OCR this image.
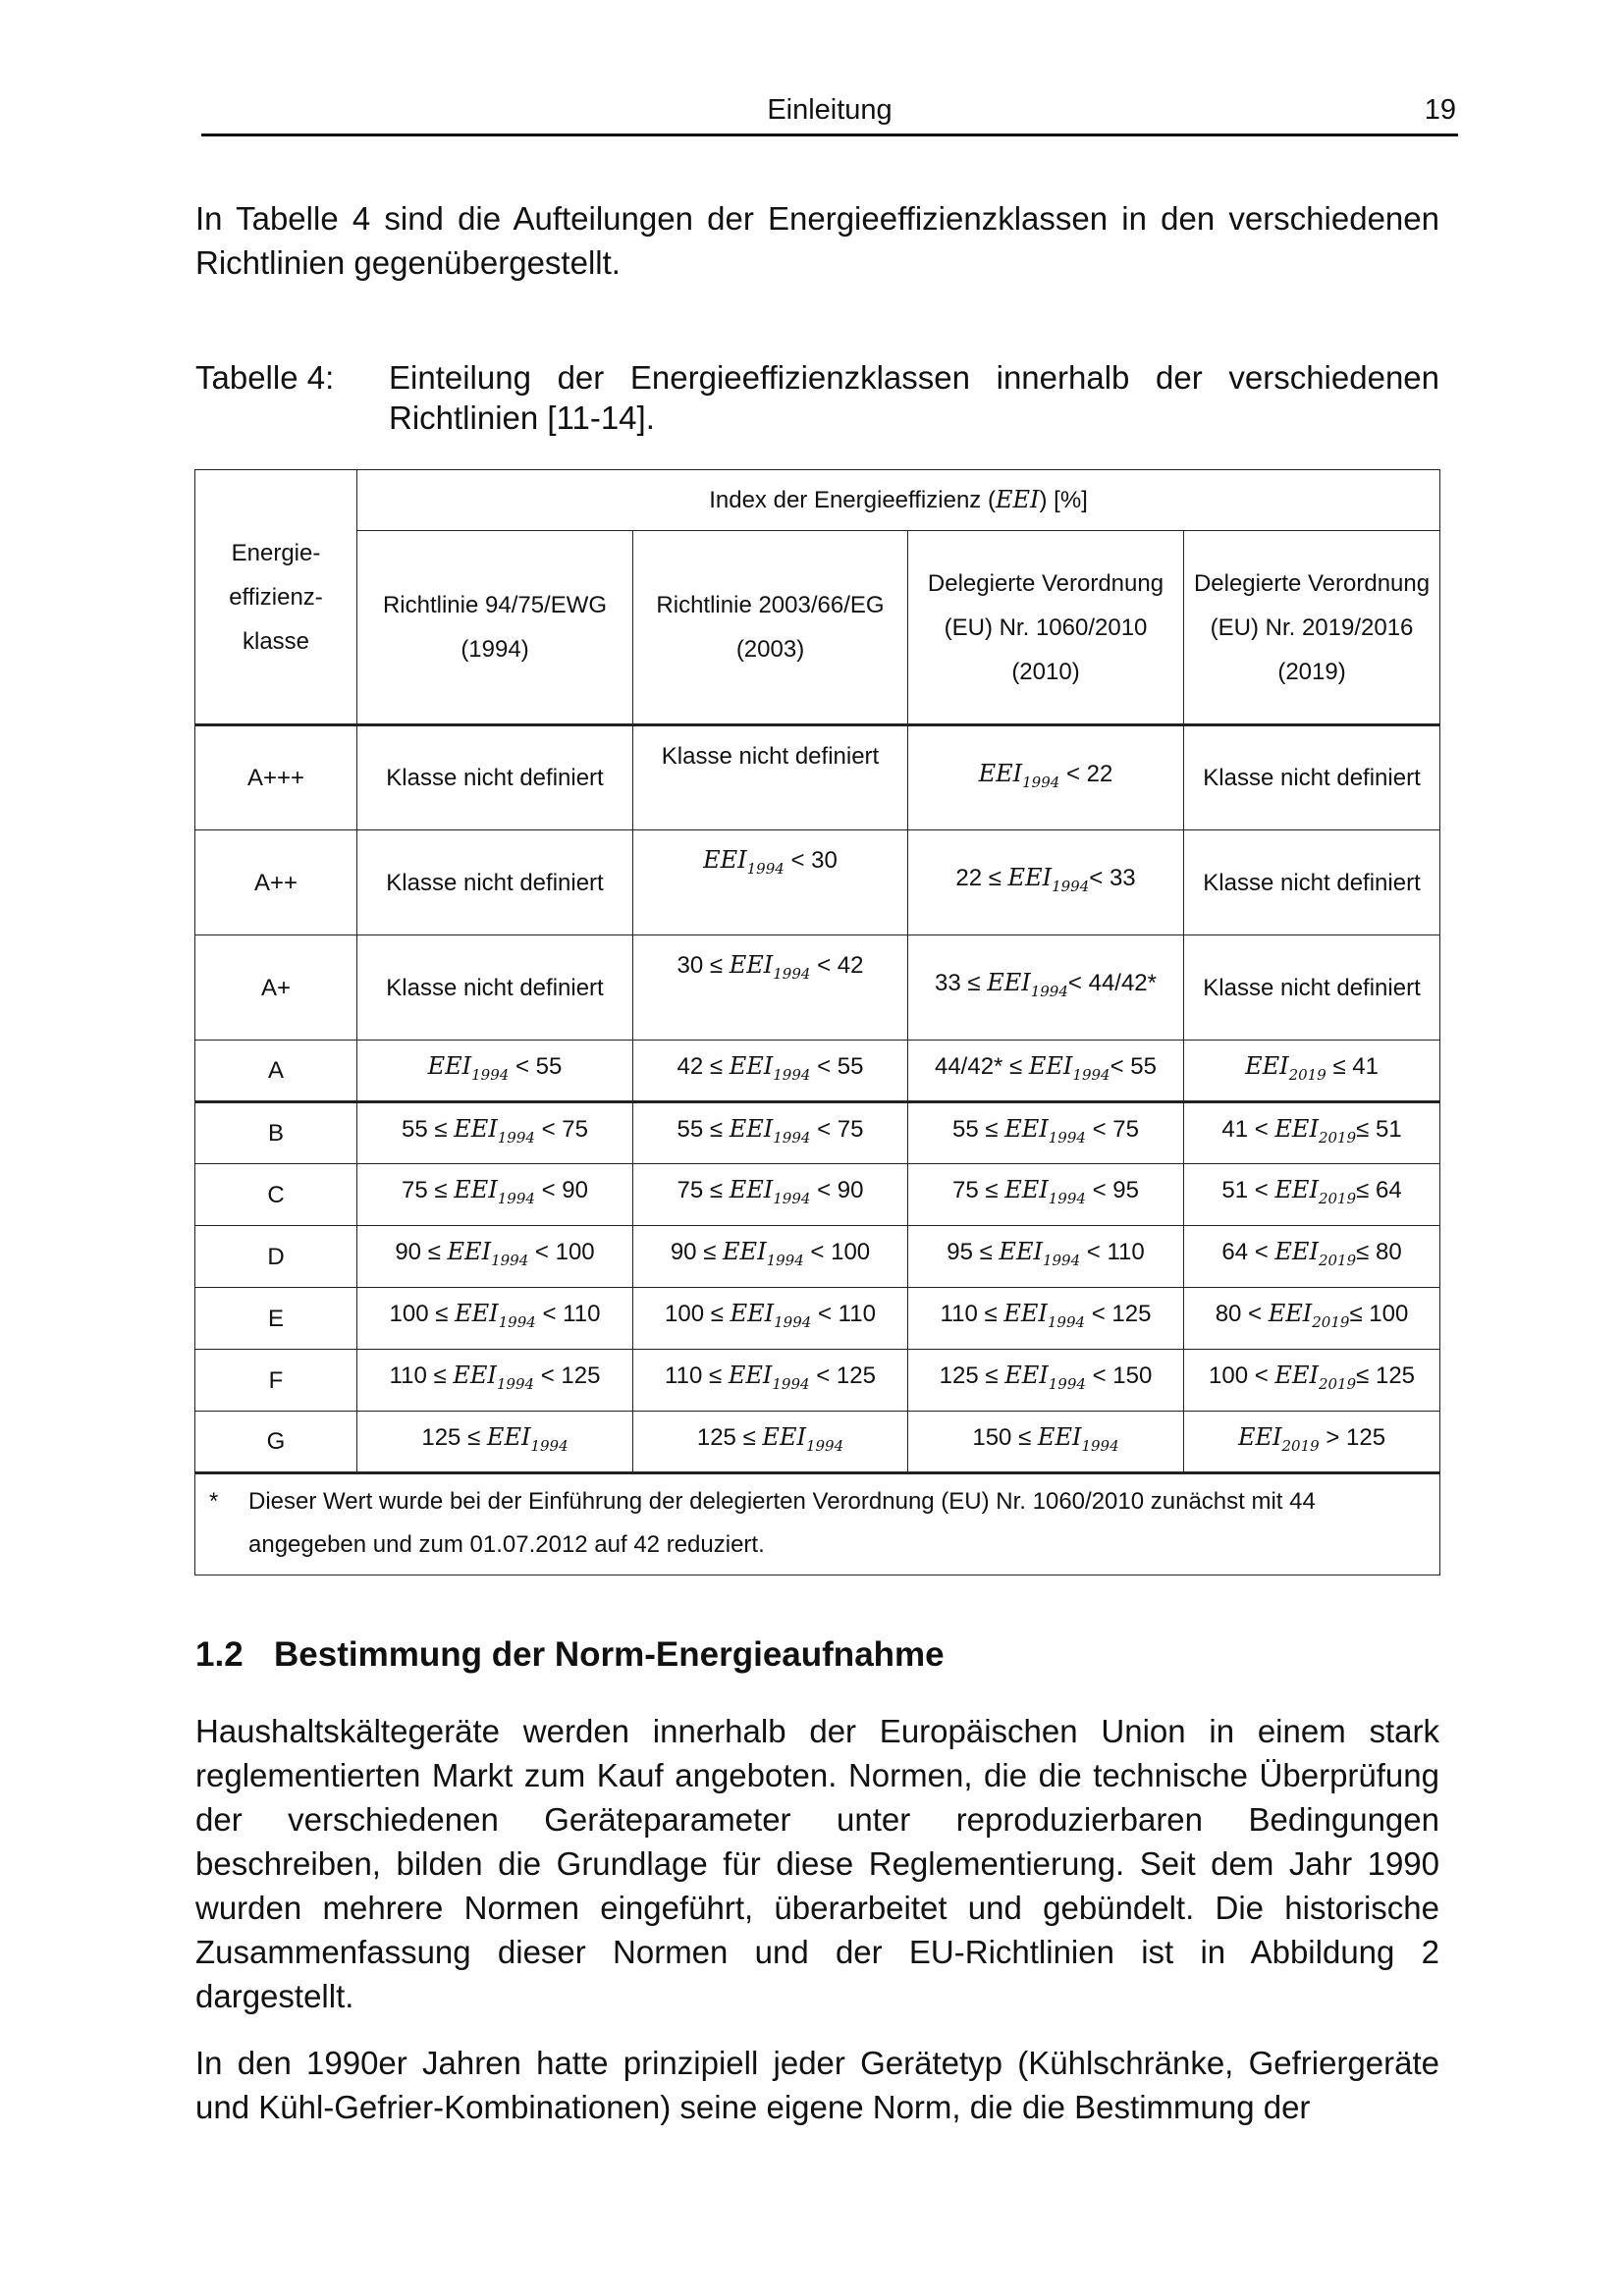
Einleitung	19

In Tabelle 4 sind die Aufteilungen der Energieeffizienzklassen in den verschiedenen Richtlinien gegenübergestellt.

Tabelle 4: Einteilung der Energieeffizienzklassen innerhalb der verschiedenen Richtlinien [11-14].
Energie-effizienz-klasse	Index der Energieeffizienz (EEI) [%]			
	Richtlinie 94/75/EWG (1994)	Richtlinie 2003/66/EG (2003)	Delegierte Verordnung (EU) Nr. 1060/2010 (2010)	Delegierte Verordnung (EU) Nr. 2019/2016 (2019)
A+++	Klasse nicht definiert	Klasse nicht definiert	$EEI_{1994} < 22$	Klasse nicht definiert
A++	Klasse nicht definiert	$EEI_{1994} < 30$	$22 \le EEI_{1994}< 33$	Klasse nicht definiert
A+	Klasse nicht definiert	$30 \le EEI_{1994} < 42$	$33 \le EEI_{1994}< 44/42*$	Klasse nicht definiert
A	$EEI_{1994} < 55$	$42 \le EEI_{1994} < 55$	$44/42* \le EEI_{1994}< 55$	$EEI_{2019} \le 41$
B	$55 \le EEI_{1994} < 75$	$55 \le EEI_{1994} < 75$	$55 \le EEI_{1994} < 75$	$41 < EEI_{2019}\le 51$
C	$75 \le EEI_{1994} < 90$	$75 \le EEI_{1994} < 90$	$75 \le EEI_{1994} < 95$	$51 < EEI_{2019}\le 64$
D	$90 \le EEI_{1994} < 100$	$90 \le EEI_{1994} < 100$	$95 \le EEI_{1994} < 110$	$64 < EEI_{2019}\le 80$
E	$100 \le EEI_{1994} < 110$	$100 \le EEI_{1994} < 110$	$110 \le EEI_{1994} < 125$	$80 < EEI_{2019}\le 100$
F	$110 \le EEI_{1994} < 125$	$110 \le EEI_{1994} < 125$	$125 \le EEI_{1994} < 150$	$100 < EEI_{2019}\le 125$
G	$125 \le EEI_{1994}$	$125 \le EEI_{1994}$	$150 \le EEI_{1994}$	$EEI_{2019} > 125$
* Dieser Wert wurde bei der Einführung der delegierten Verordnung (EU) Nr. 1060/2010 zunächst mit 44
angegeben und zum 01.07.2012 auf 42 reduziert.				
1.2 Bestimmung der Norm-Energieaufnahme

Haushaltskältegeräte werden innerhalb der Europäischen Union in einem stark reglementierten Markt zum Kauf angeboten. Normen, die die technische Überprüfung der verschiedenen Geräteparameter unter reproduzierbaren Bedingungen beschreiben, bilden die Grundlage für diese Reglementierung. Seit dem Jahr 1990 wurden mehrere Normen eingeführt, überarbeitet und gebündelt. Die historische Zusammenfassung dieser Normen und der EU-Richtlinien ist in Abbildung 2 dargestellt.

In den 1990er Jahren hatte prinzipiell jeder Gerätetyp (Kühlschränke, Gefriergeräte und Kühl-Gefrier-Kombinationen) seine eigene Norm, die die Bestimmung der
